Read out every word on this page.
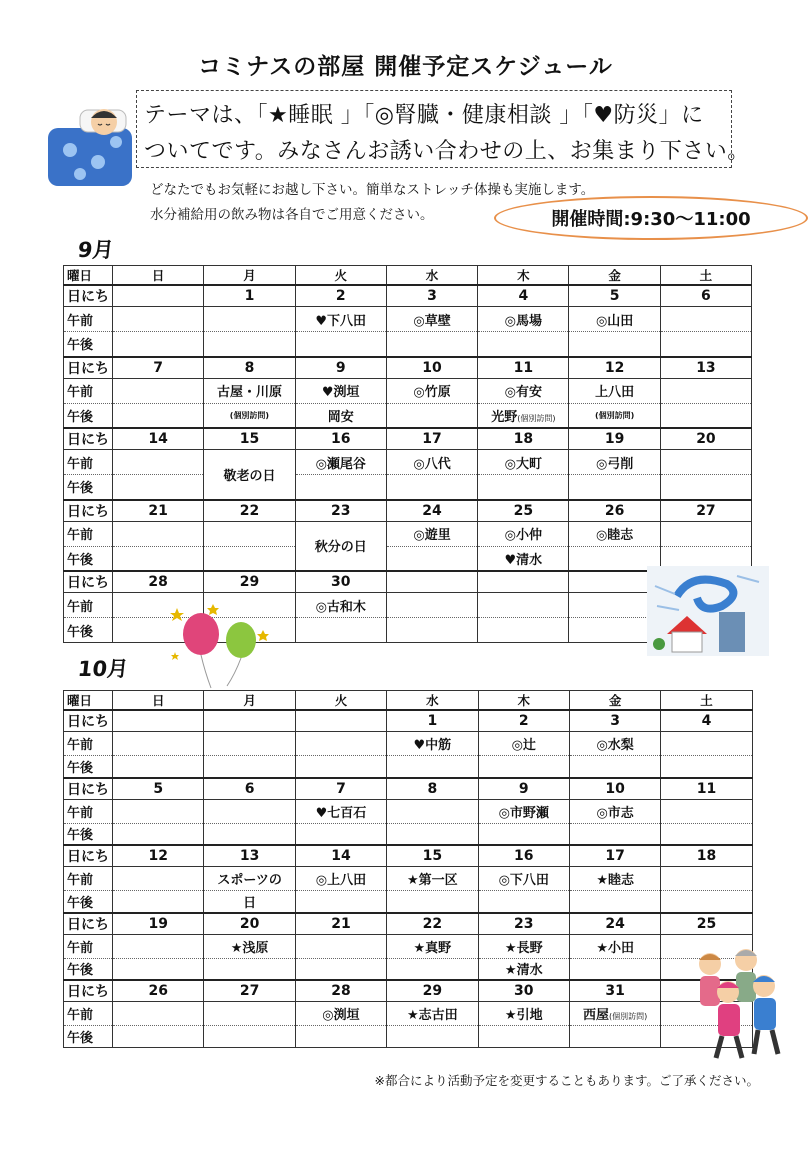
コミナスの部屋 開催予定スケジュール
テーマは、「★睡眠 」「◎腎臓・健康相談 」「♥防災」に
ついてです。みなさんお誘い合わせの上、お集まり下さい。
どなたでもお気軽にお越し下さい。簡単なストレッチ体操も実施します。
水分補給用の飲み物は各自でご用意ください。	開催時間:9:30〜11:00
9月
曜日	日	月	火	水	木	金	土
日にち		1	2	3	4	5	6
午前			♥下八田	◎草壁	◎馬場	◎山田	
午後							
日にち	7	8	9	10	11	12	13
午前		古屋・川原	♥渕垣	◎竹原	◎有安	上八田	
午後		(個別訪問)	岡安		光野(個別訪問)	(個別訪問)	
日にち	14	15	16	17	18	19	20
午前		敬老の日	◎瀬尾谷	◎八代	◎大町	◎弓削	
午後							
日にち	21	22	23	24	25	26	27
午前			秋分の日	◎遊里	◎小仲	◎睦志	
午後					♥清水		
日にち	28	29	30				
午前			◎古和木				
午後							
10月
曜日	日	月	火	水	木	金	土
日にち				1	2	3	4
午前				♥中筋	◎辻	◎水梨	
午後							
日にち	5	6	7	8	9	10	11
午前			♥七百石		◎市野瀬	◎市志	
午後							
日にち	12	13	14	15	16	17	18
午前		スポーツの	◎上八田	★第一区	◎下八田	★睦志	
午後		日					
日にち	19	20	21	22	23	24	25
午前		★浅原		★真野	★長野	★小田	
午後					★清水		
日にち	26	27	28	29	30	31	
午前			◎渕垣	★志古田	★引地	西屋(個別訪問)	
午後							
※都合により活動予定を変更することもあります。ご了承ください。
